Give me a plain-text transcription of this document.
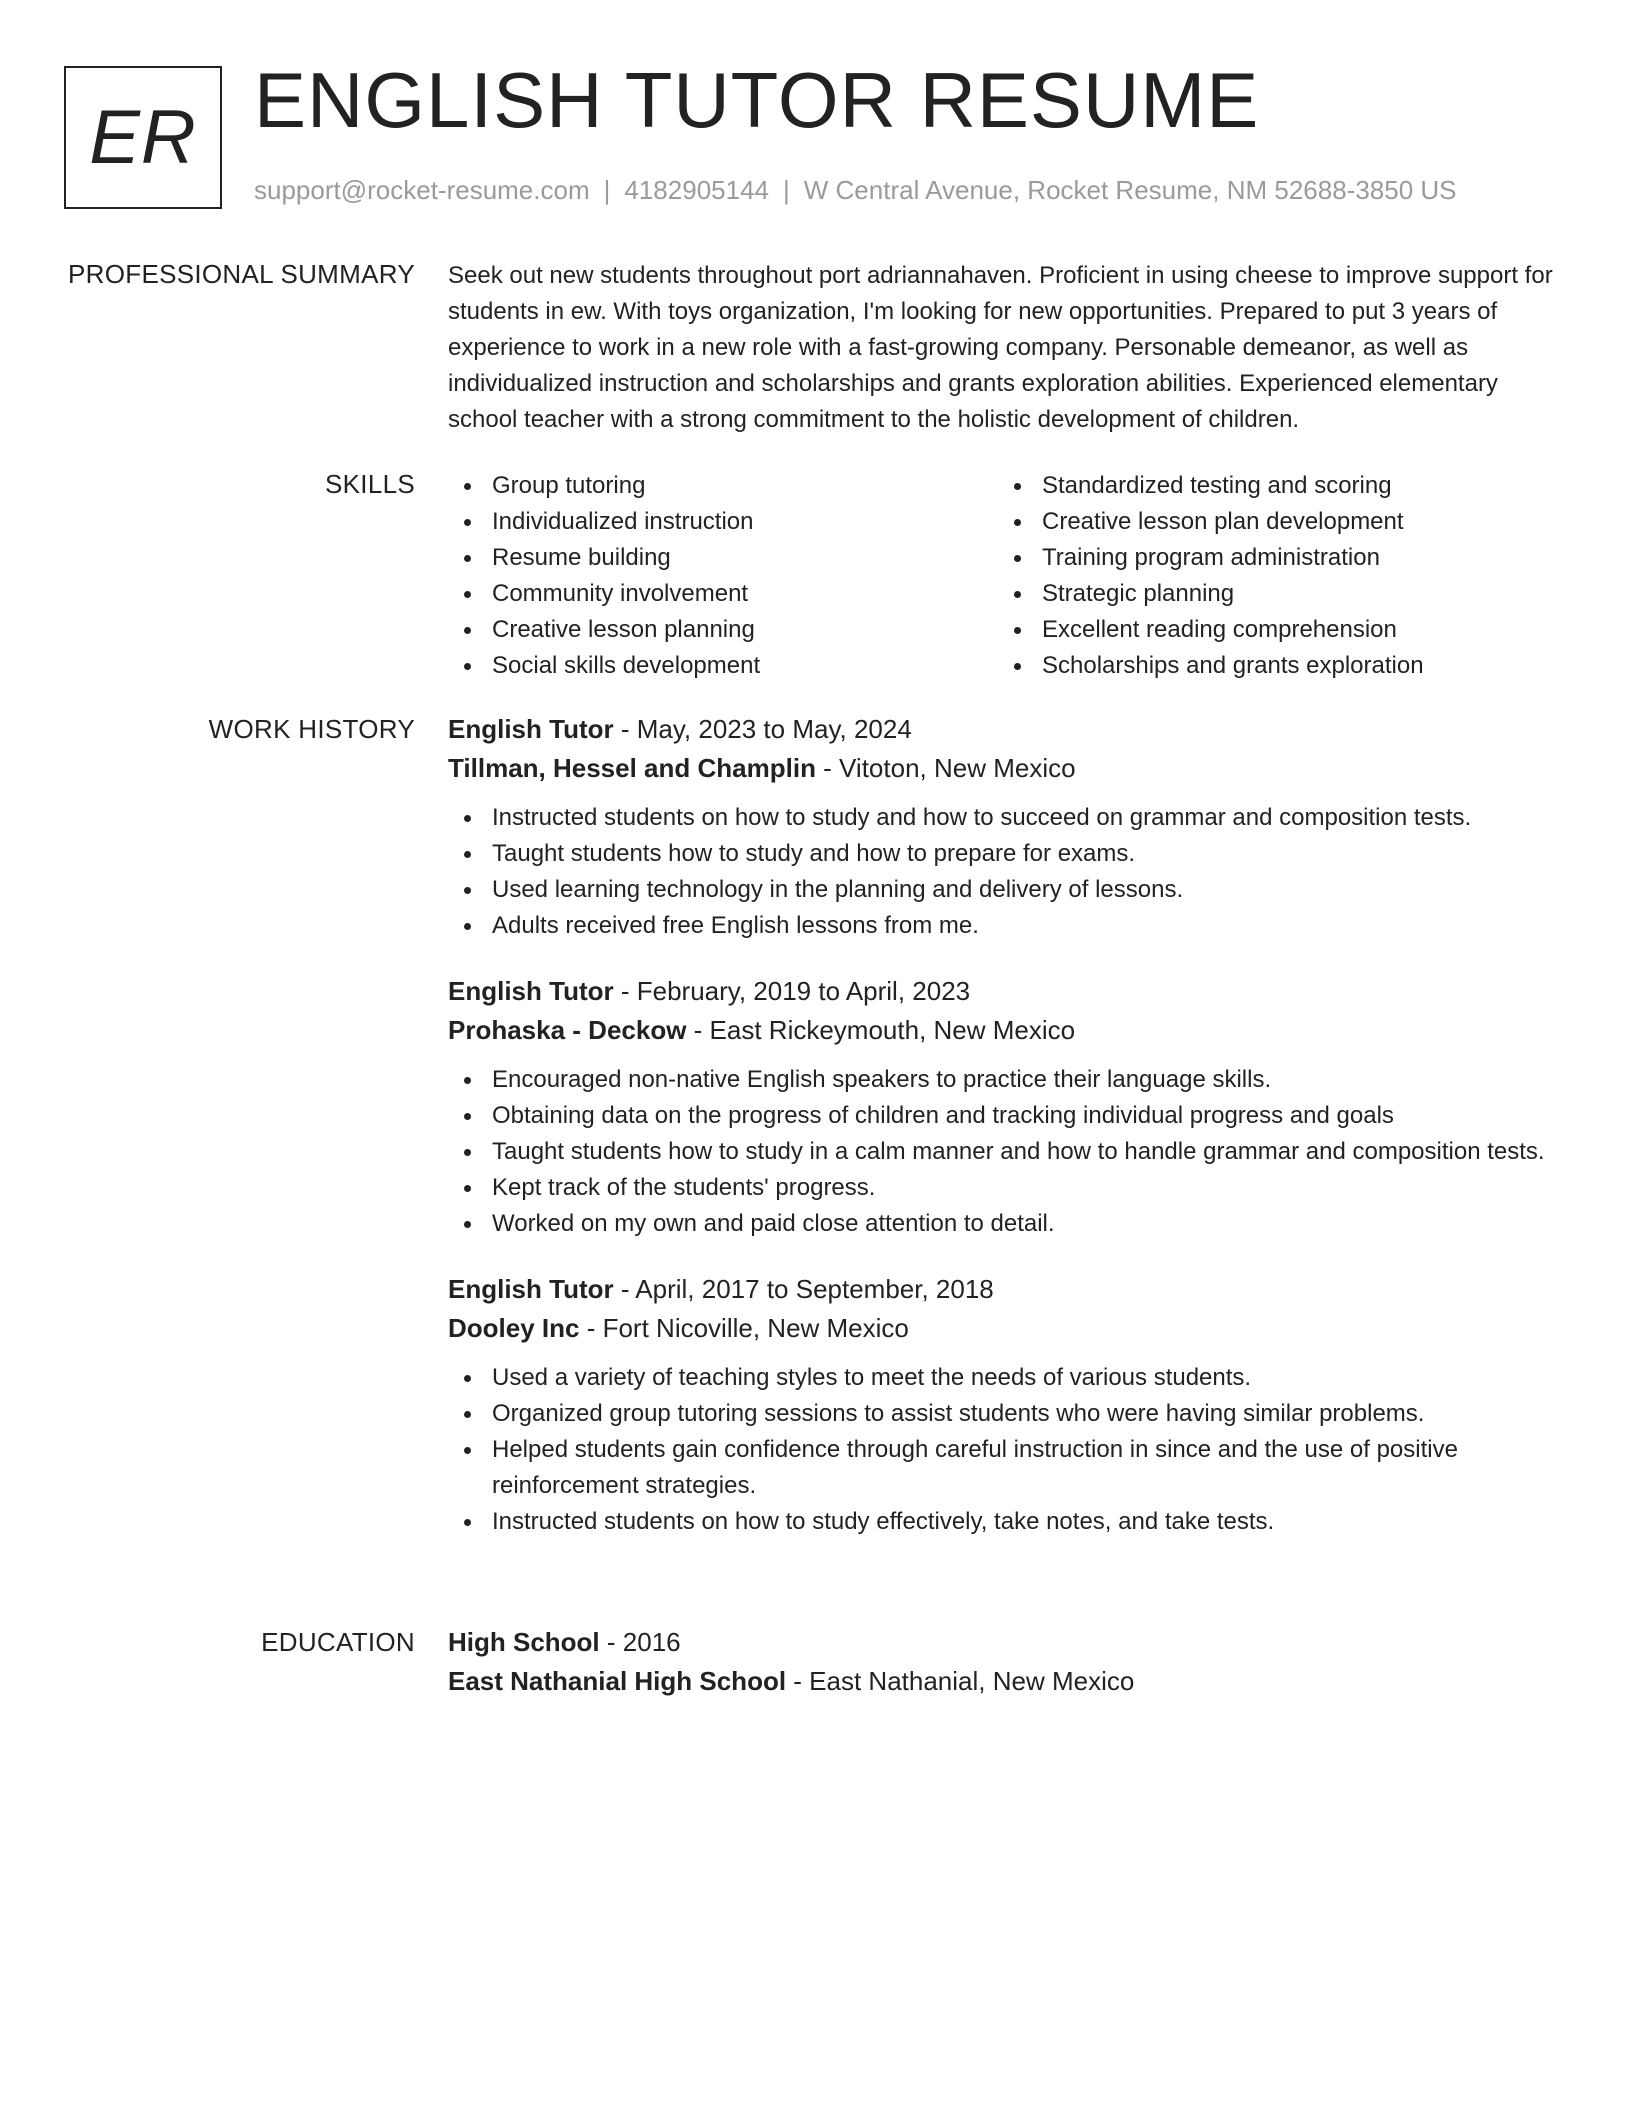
ER ENGLISH TUTOR RESUME
support@rocket-resume.com | 4182905144 | W Central Avenue, Rocket Resume, NM 52688-3850 US
PROFESSIONAL SUMMARY Seek out new students throughout port adriannahaven. Proficient in using cheese to improve support for students in ew. With toys organization, I'm looking for new opportunities. Prepared to put 3 years of experience to work in a new role with a fast-growing company. Personable demeanor, as well as individualized instruction and scholarships and grants exploration abilities. Experienced elementary school teacher with a strong commitment to the holistic development of children.
SKILLS	Group tutoring
Individualized instruction
Resume building
Community involvement
Creative lesson planning
Social skills development
Standardized testing and scoring
Creative lesson plan development
Training program administration
Strategic planning
Excellent reading comprehension
Scholarships and grants exploration
WORK HISTORY English Tutor - May, 2023 to May, 2024
Tillman, Hessel and Champlin - Vitoton, New Mexico
Instructed students on how to study and how to succeed on grammar and composition tests.
Taught students how to study and how to prepare for exams.
Used learning technology in the planning and delivery of lessons.
Adults received free English lessons from me.
English Tutor - February, 2019 to April, 2023
Prohaska - Deckow - East Rickeymouth, New Mexico
Encouraged non-native English speakers to practice their language skills.
Obtaining data on the progress of children and tracking individual progress and goals
Taught students how to study in a calm manner and how to handle grammar and composition tests.
Kept track of the students' progress.
Worked on my own and paid close attention to detail.
English Tutor - April, 2017 to September, 2018
Dooley Inc - Fort Nicoville, New Mexico
Used a variety of teaching styles to meet the needs of various students.
Organized group tutoring sessions to assist students who were having similar problems.
Helped students gain confidence through careful instruction in since and the use of positive reinforcement strategies.
Instructed students on how to study effectively, take notes, and take tests.
EDUCATION High School - 2016
East Nathanial High School - East Nathanial, New Mexico
